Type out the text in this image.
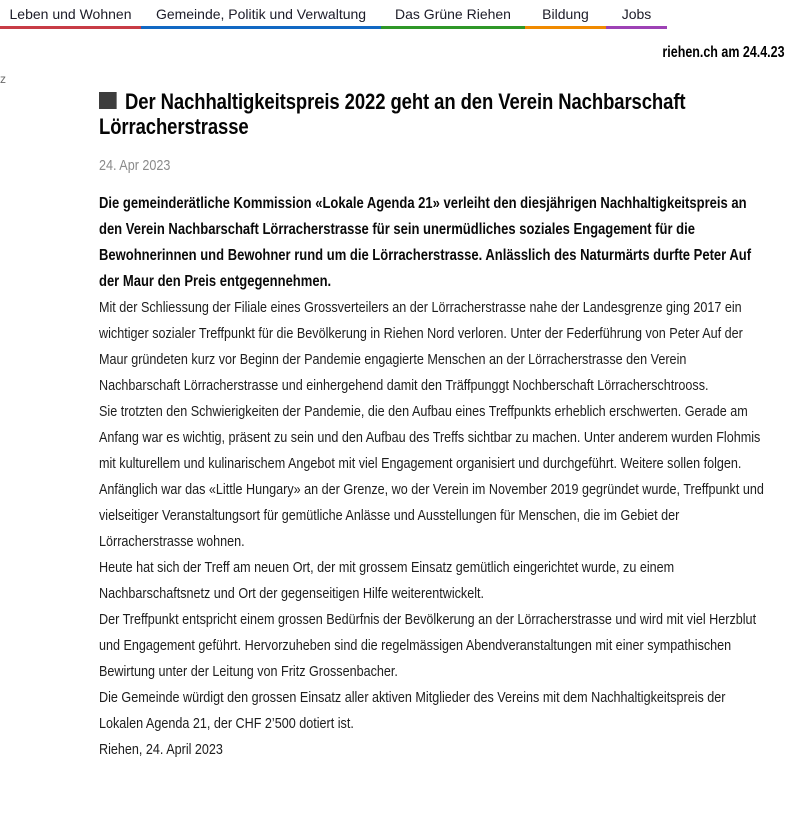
Leben und Wohnen	Gemeinde, Politik und Verwaltung	Das Grüne Riehen	Bildung	Jobs
riehen.ch am 24.4.23
z
Der Nachhaltigkeitspreis 2022 geht an den Verein Nachbarschaft Lörracherstrasse
24. Apr 2023

Die gemeinderätliche Kommission «Lokale Agenda 21» verleiht den diesjährigen Nachhaltigkeitspreis an den Verein Nachbarschaft Lörracherstrasse für sein unermüdliches soziales Engagement für die Bewohnerinnen und Bewohner rund um die Lörracherstrasse. Anlässlich des Naturmärts durfte Peter Auf der Maur den Preis entgegennehmen.

Mit der Schliessung der Filiale eines Grossverteilers an der Lörracherstrasse nahe der Landesgrenze ging 2017 ein wichtiger sozialer Treffpunkt für die Bevölkerung in Riehen Nord verloren. Unter der Federführung von Peter Auf der Maur gründeten kurz vor Beginn der Pandemie engagierte Menschen an der Lörracherstrasse den Verein Nachbarschaft Lörracherstrasse und einhergehend damit den Träffpunggt Nochberschaft Lörracherschtrooss.

Sie trotzten den Schwierigkeiten der Pandemie, die den Aufbau eines Treffpunkts erheblich erschwerten. Gerade am Anfang war es wichtig, präsent zu sein und den Aufbau des Treffs sichtbar zu machen. Unter anderem wurden Flohmis mit kulturellem und kulinarischem Angebot mit viel Engagement organisiert und durchgeführt. Weitere sollen folgen.

Anfänglich war das «Little Hungary» an der Grenze, wo der Verein im November 2019 gegründet wurde, Treffpunkt und vielseitiger Veranstaltungsort für gemütliche Anlässe und Ausstellungen für Menschen, die im Gebiet der Lörracherstrasse wohnen.

Heute hat sich der Treff am neuen Ort, der mit grossem Einsatz gemütlich eingerichtet wurde, zu einem Nachbarschaftsnetz und Ort der gegenseitigen Hilfe weiterentwickelt.

Der Treffpunkt entspricht einem grossen Bedürfnis der Bevölkerung an der Lörracherstrasse und wird mit viel Herzblut und Engagement geführt. Hervorzuheben sind die regelmässigen Abendveranstaltungen mit einer sympathischen Bewirtung unter der Leitung von Fritz Grossenbacher.

Die Gemeinde würdigt den grossen Einsatz aller aktiven Mitglieder des Vereins mit dem Nachhaltigkeitspreis der Lokalen Agenda 21, der CHF 2’500 dotiert ist.

Riehen, 24. April 2023
